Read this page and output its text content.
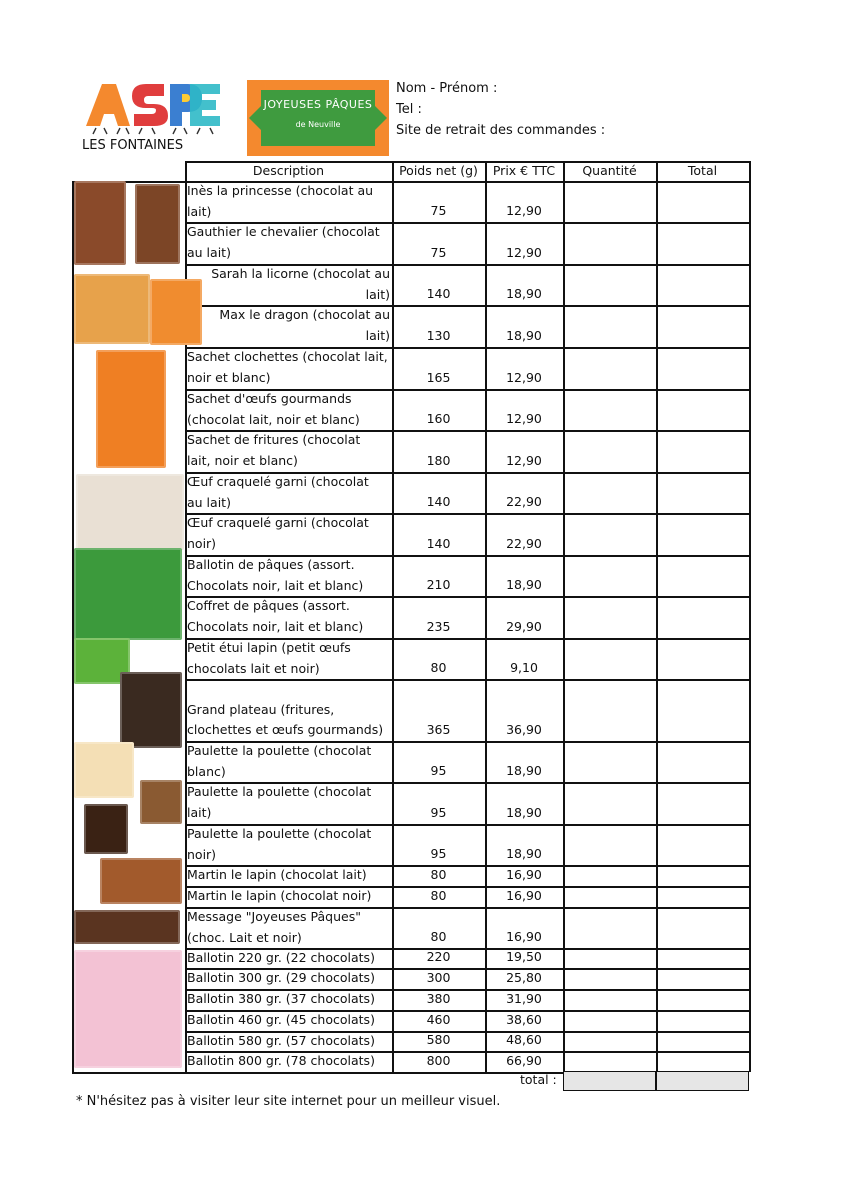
LES FONTAINES
JOYEUSES PÂQUES
de Neuville
Nom - Prénom :
Tel :
Site de retrait des commandes :
Description	Poids net (g)	Prix € TTC	Quantité	Total
Inès la princesse (chocolat au
lait)	75	12,90
Gauthier le chevalier (chocolat
au lait)	75	12,90
Sarah la licorne (chocolat au
lait)	140	18,90
Max le dragon (chocolat au
lait)	130	18,90
Sachet clochettes (chocolat lait,
noir et blanc)	165	12,90
Sachet d'œufs gourmands
(chocolat lait, noir et blanc)	160	12,90
Sachet de fritures (chocolat
lait, noir et blanc)	180	12,90
Œuf craquelé garni (chocolat
au lait)	140	22,90
Œuf craquelé garni (chocolat
noir)	140	22,90
Ballotin de pâques (assort.
Chocolats noir, lait et blanc)	210	18,90
Coffret de pâques (assort.
Chocolats noir, lait et blanc)	235	29,90
Petit étui lapin (petit œufs
chocolats lait et noir)	80	9,10
Grand plateau (fritures,
clochettes et œufs gourmands)	365	36,90
Paulette la poulette (chocolat
blanc)	95	18,90
Paulette la poulette (chocolat
lait)	95	18,90
Paulette la poulette (chocolat
noir)	95	18,90
Martin le lapin (chocolat lait)	80	16,90
Martin le lapin (chocolat noir)	80	16,90
Message "Joyeuses Pâques"
(choc. Lait et noir)	80	16,90
Ballotin 220 gr. (22 chocolats)	220	19,50
Ballotin 300 gr. (29 chocolats)	300	25,80
Ballotin 380 gr. (37 chocolats)	380	31,90
Ballotin 460 gr. (45 chocolats)	460	38,60
Ballotin 580 gr. (57 chocolats)	580	48,60
Ballotin 800 gr. (78 chocolats)	800	66,90
total :
* N'hésitez pas à visiter leur site internet pour un meilleur visuel.
